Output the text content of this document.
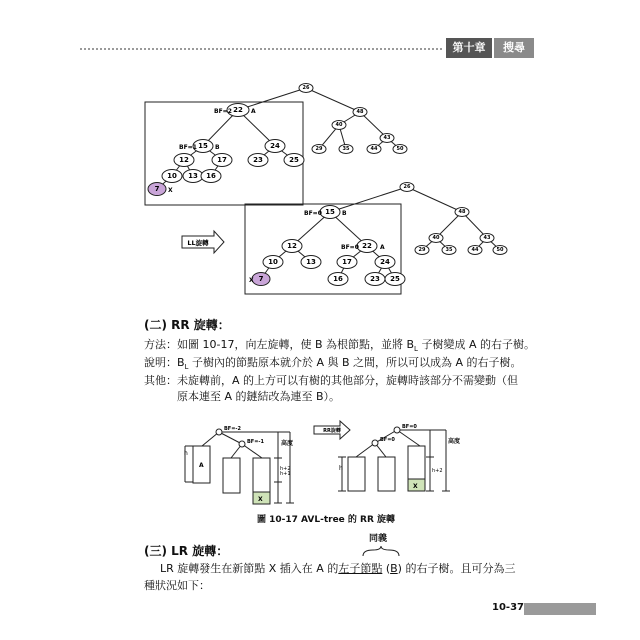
第十章	搜尋
26
22
15	24
12	17	23	25
10 13 16
7
48
40
43
29	35	44	50
BF=2	A
BF=1	B
X
LL旋轉
26
15
12	22
10	13	17	24
7	16	23 25
48
40	43
29	35	44	50
BF=0	B
BF=0	A
X
BF=-2
BF=-1
A
高度
h
h+2
h+1
X
RR旋轉
BF=0
BF=0
高度
h	h+2
X
(二) RR 旋轉：
方法：如圖 10-17，向左旋轉，使 B 為根節點，並將 $B_L$ 子樹變成 A 的右子樹。
說明：$B_L$ 子樹內的節點原本就介於 A 與 B 之間，所以可以成為 A 的右子樹。
其他：未旋轉前，A 的上方可以有樹的其他部分，旋轉時該部分不需變動（但
原本連至 A 的鏈結改為連至 B）。
圖 10-17 AVL-tree 的 RR 旋轉
(三) LR 旋轉：
同義
LR 旋轉發生在新節點 X 插入在 A 的左子節點 (B) 的右子樹。且可分為三
種狀況如下：
10-37
